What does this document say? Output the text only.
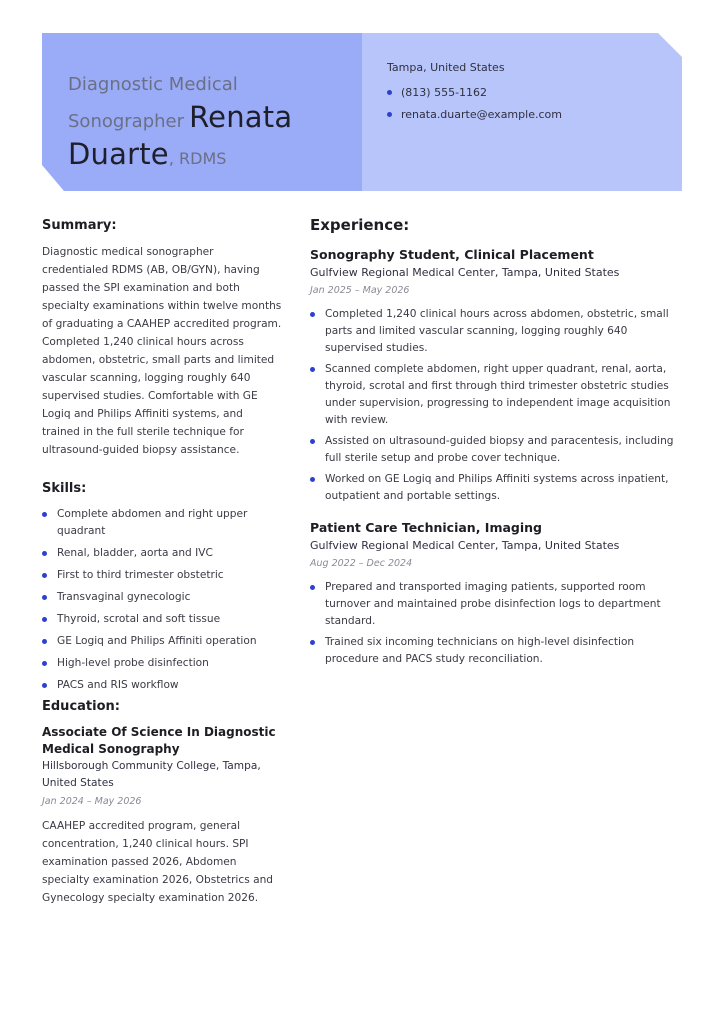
Diagnostic Medical Sonographer Renata Duarte, RDMS
Tampa, United States
(813) 555-1162
renata.duarte@example.com
Summary:

Diagnostic medical sonographer credentialed RDMS (AB, OB/GYN), having passed the SPI examination and both specialty examinations within twelve months of graduating a CAAHEP accredited program. Completed 1,240 clinical hours across abdomen, obstetric, small parts and limited vascular scanning, logging roughly 640 supervised studies. Comfortable with GE Logiq and Philips Affiniti systems, and trained in the full sterile technique for ultrasound-guided biopsy assistance.

Skills:
Complete abdomen and right upper quadrant
Renal, bladder, aorta and IVC
First to third trimester obstetric
Transvaginal gynecologic
Thyroid, scrotal and soft tissue
GE Logiq and Philips Affiniti operation
High-level probe disinfection
PACS and RIS workflow
Education:
Associate Of Science In Diagnostic Medical Sonography
Hillsborough Community College, Tampa, United States
Jan 2024 – May 2026
CAAHEP accredited program, general concentration, 1,240 clinical hours. SPI examination passed 2026, Abdomen specialty examination 2026, Obstetrics and Gynecology specialty examination 2026.
Experience:
Sonography Student, Clinical Placement
Gulfview Regional Medical Center, Tampa, United States
Jan 2025 – May 2026
Completed 1,240 clinical hours across abdomen, obstetric, small parts and limited vascular scanning, logging roughly 640 supervised studies.
Scanned complete abdomen, right upper quadrant, renal, aorta, thyroid, scrotal and first through third trimester obstetric studies under supervision, progressing to independent image acquisition with review.
Assisted on ultrasound-guided biopsy and paracentesis, including full sterile setup and probe cover technique.
Worked on GE Logiq and Philips Affiniti systems across inpatient, outpatient and portable settings.
Patient Care Technician, Imaging
Gulfview Regional Medical Center, Tampa, United States
Aug 2022 – Dec 2024
Prepared and transported imaging patients, supported room turnover and maintained probe disinfection logs to department standard.
Trained six incoming technicians on high-level disinfection procedure and PACS study reconciliation.
